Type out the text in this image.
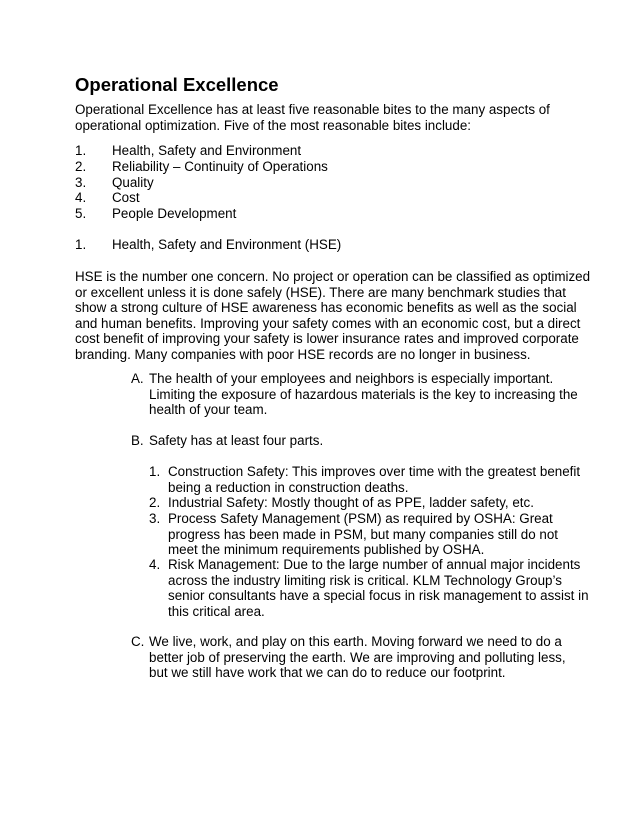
Operational Excellence

Operational Excellence has at least five reasonable bites to the many aspects of
operational optimization. Five of the most reasonable bites include:

1. Health, Safety and Environment
2. Reliability – Continuity of Operations
3. Quality
4. Cost
5. People Development
1. Health, Safety and Environment (HSE)

HSE is the number one concern. No project or operation can be classified as optimized
or excellent unless it is done safely (HSE). There are many benchmark studies that
show a strong culture of HSE awareness has economic benefits as well as the social
and human benefits. Improving your safety comes with an economic cost, but a direct
cost benefit of improving your safety is lower insurance rates and improved corporate
branding. Many companies with poor HSE records are no longer in business.

A. The health of your employees and neighbors is especially important.
Limiting the exposure of hazardous materials is the key to increasing the
health of your team.
B. Safety has at least four parts.
1. Construction Safety: This improves over time with the greatest benefit
being a reduction in construction deaths.
2. Industrial Safety: Mostly thought of as PPE, ladder safety, etc.
3. Process Safety Management (PSM) as required by OSHA: Great
progress has been made in PSM, but many companies still do not
meet the minimum requirements published by OSHA.
4. Risk Management: Due to the large number of annual major incidents
across the industry limiting risk is critical. KLM Technology Group’s
senior consultants have a special focus in risk management to assist in
this critical area.
C. We live, work, and play on this earth. Moving forward we need to do a
better job of preserving the earth. We are improving and polluting less,
but we still have work that we can do to reduce our footprint.
